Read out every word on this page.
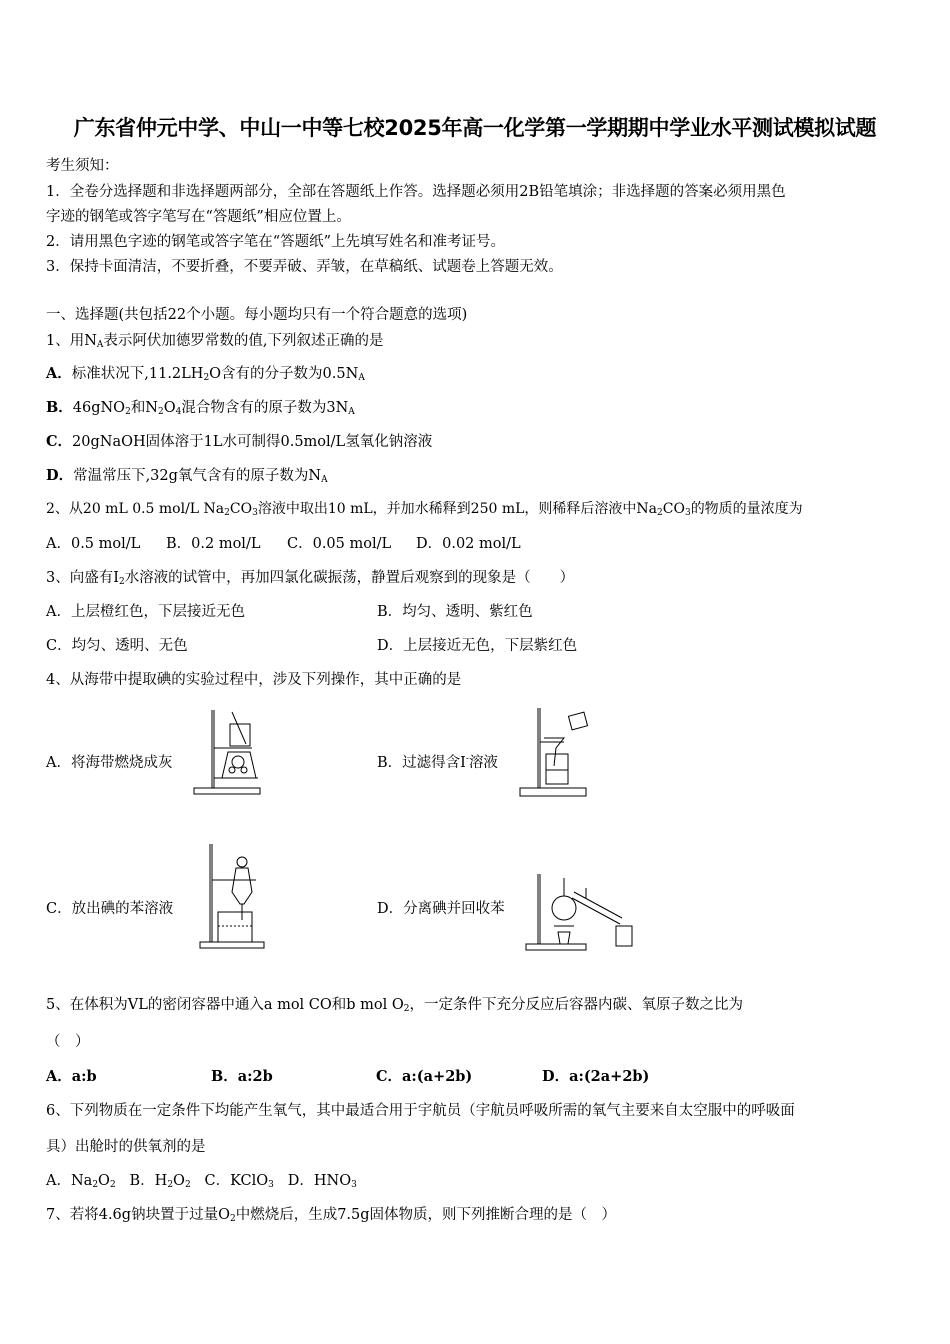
广东省仲元中学、中山一中等七校2025年高一化学第一学期期中学业水平测试模拟试题
考生须知：
1．全卷分选择题和非选择题两部分，全部在答题纸上作答。选择题必须用2B铅笔填涂；非选择题的答案必须用黑色
字迹的钢笔或答字笔写在“答题纸”相应位置上。
2．请用黑色字迹的钢笔或答字笔在“答题纸”上先填写姓名和准考证号。
3．保持卡面清洁，不要折叠，不要弄破、弄皱，在草稿纸、试题卷上答题无效。
一、选择题(共包括22个小题。每小题均只有一个符合题意的选项)
1、用$N_A$表示阿伏加德罗常数的值,下列叙述正确的是
A．标准状况下$,11.2LH_2O$含有的分子数为$0.5N_A$
B．46gNO$_2$和$N_2O_4$混合物含有的原子数为$3N_A$
C．20gNaOH固体溶于1L水可制得0.5mol/L氢氧化钠溶液
D．常温常压下,32g氧气含有的原子数为$N_A$
2、从20 mL 0.5 mol/L $Na_2CO_3$溶液中取出10 mL，并加水稀释到250 mL，则稀释后溶液中$Na_2CO_3$的物质的量浓度为
A．0.5 mol/L B．0.2 mol/L C．0.05 mol/L D．0.02 mol/L
3、向盛有$I_2$水溶液的试管中，再加四氯化碳振荡，静置后观察到的现象是（　　）
A．上层橙红色，下层接近无色	B．均匀、透明、紫红色
C．均匀、透明、无色	D．上层接近无色，下层紫红色
4、从海带中提取碘的实验过程中，涉及下列操作，其中正确的是
A．将海带燃烧成灰	B．过滤得含I-溶液
C．放出碘的苯溶液	D．分离碘并回收苯
5、在体积为VL的密闭容器中通入a mol CO和b mol $O_2$，一定条件下充分反应后容器内碳、氧原子数之比为
（　）
A．a:b	B．a:2b	C．a:(a+2b)	D．a:(2a+2b)
6、下列物质在一定条件下均能产生氧气，其中最适合用于宇航员（宇航员呼吸所需的氧气主要来自太空服中的呼吸面
具）出舱时的供氧剂的是
A．$Na_2O_2$ B．$H_2O_2$ C．KClO$_3$ D．$HNO_3$
7、若将4.6g钠块置于过量$O_2$中燃烧后，生成7.5g固体物质，则下列推断合理的是（　）
